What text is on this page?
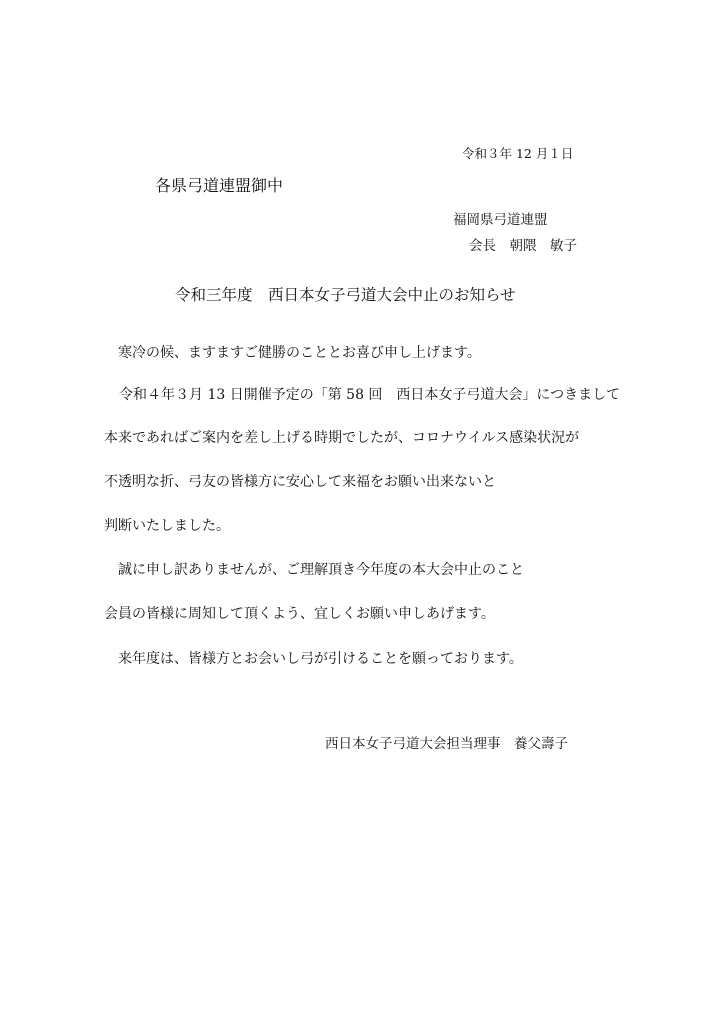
令和３年 12 月１日
各県弓道連盟御中
福岡県弓道連盟
会長　朝隈　敏子
令和三年度　西日本女子弓道大会中止のお知らせ
寒冷の候、ますますご健勝のこととお喜び申し上げます。
令和４年３月 13 日開催予定の「第 58 回　西日本女子弓道大会」につきまして
本来であればご案内を差し上げる時期でしたが、コロナウイルス感染状況が
不透明な折、弓友の皆様方に安心して来福をお願い出来ないと
判断いたしました。
誠に申し訳ありませんが、ご理解頂き今年度の本大会中止のこと
会員の皆様に周知して頂くよう、宜しくお願い申しあげます。
来年度は、皆様方とお会いし弓が引けることを願っております。
西日本女子弓道大会担当理事　養父壽子
